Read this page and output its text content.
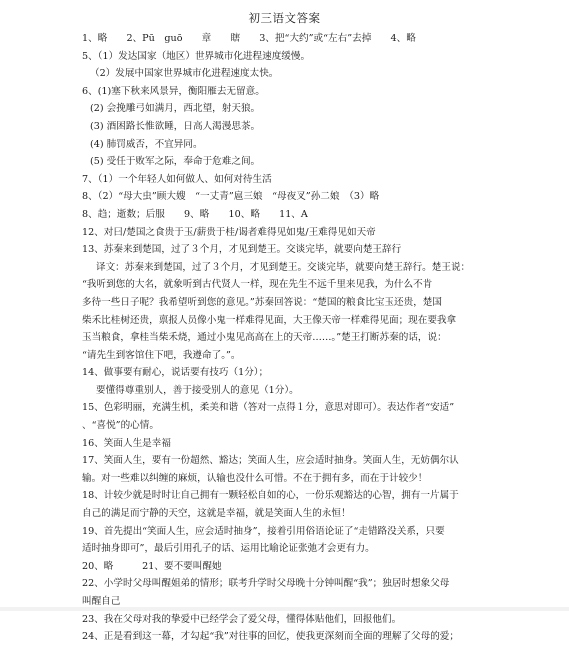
初三语文答案
1、略　　2、Pū　guō　　章　　瞎　　3、把“大约”或“左右”去掉　　4、略
5、（1）发达国家（地区）世界城市化进程速度缓慢。
（2）发展中国家世界城市化进程速度太快。
6、(1)塞下秋来风景异，衡阳雁去无留意。
(2) 会挽雕弓如满月，西北望，射天狼。
(3) 酒困路长惟欲睡，日高人渴漫思茶。
(4) 肺罚威否，不宜异同。
(5) 受任于败军之际，奉命于危难之间。
7、（1）一个年轻人如何做人、如何对待生活
8、（2）“母大虫”顾大嫂　“一丈青”扈三娘　“母夜叉”孙二娘　（3）略
8、趋；逝数；后服　　9、略　　10、略　　11、A
12、对曰/楚国之食贵于玉/薪贵于桂/谒者难得见如鬼/王难得见如天帝
13、苏秦来到楚国，过了３个月，才见到楚王。交谈完毕，就要向楚王辞行
译文：苏秦来到楚国，过了３个月，才见到楚王。交谈完毕，就要向楚王辞行。楚王说：
“我听到您的大名，就象听到古代贤人一样，现在先生不远千里来见我，为什么不肯
多待一些日子呢？我希望听到您的意见。”苏秦回答说：“楚国的粮食比宝玉还贵，楚国
柴禾比桂树还贵，禀报人员像小鬼一样难得见面，大王像天帝一样难得见面；现在要我拿
玉当粮食，拿桂当柴禾烧，通过小鬼见高高在上的天帝……。”楚王打断苏秦的话，说：
“请先生到客馆住下吧，我遵命了。”。
14、做事要有耐心，说话要有技巧（1分）；
要懂得尊重别人，善于接受别人的意见（1分）。
15、色彩明丽，充满生机，柔美和谐（答对一点得１分，意思对即可）。表达作者“安适”
、“喜悦”的心情。
16、笑面人生是幸福
17、笑面人生，要有一份超然、豁达；笑面人生，应会适时抽身。笑面人生，无妨偶尔认
输。对一些难以纠缠的麻烦，认输也没什么可惜。不在于拥有多，而在于计较少！
18、计较少就是时时让自己拥有一颗轻松自如的心，一份乐观豁达的心智，拥有一片属于
自己的满足而宁静的天空，这就是幸福，就是笑面人生的永恒！
19、首先提出“笑面人生，应会适时抽身”，接着引用俗语论证了“走错路没关系，只要
适时抽身即可”，最后引用孔子的话、运用比喻论证张弛才会更有力。
20、略　　　21、要不要叫醒她
22、小学时父母叫醒姐弟的情形；联考升学时父母晚十分钟叫醒“我”；独居时想象父母
叫醒自己
23、我在父母对我的挚爱中已经学会了爱父母，懂得体贴他们，回报他们。
24、正是看到这一幕，才勾起“我”对往事的回忆，使我更深刻而全面的理解了父母的爱；
